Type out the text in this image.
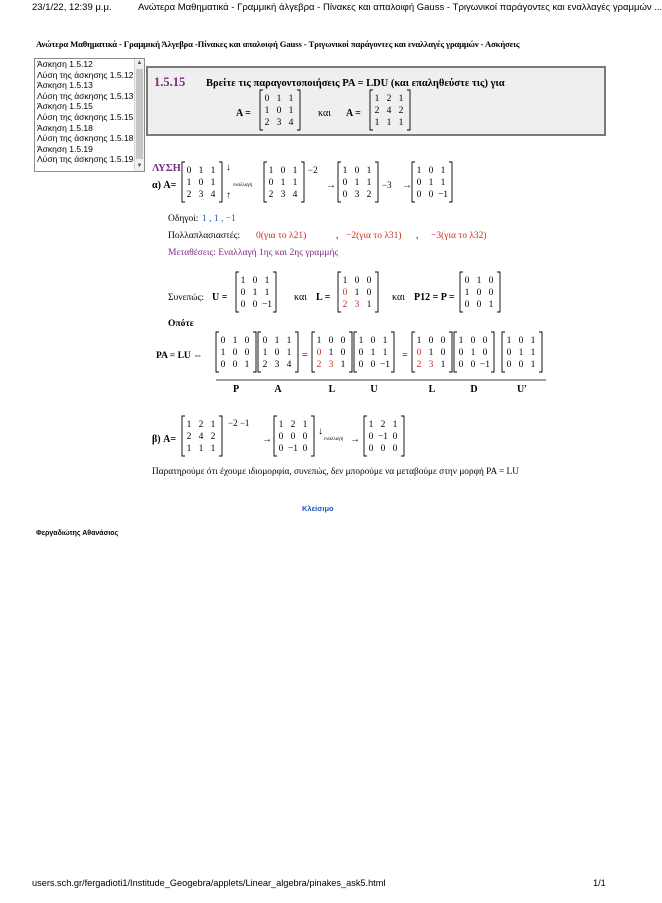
23/1/22, 12:39 μ.μ.	Ανώτερα Μαθηματικά - Γραμμική άλγεβρα - Πίνακες και απαλοιφή Gauss - Τριγωνικοί παράγοντες και εναλλαγές γραμμών ...
Ανώτερα Μαθηματικά - Γραμμική Άλγεβρα -Πίνακες και απαλοιφή Gauss - Τριγωνικοί παράγοντες και εναλλαγές γραμμών - Ασκήσεις
Άσκηση 1.5.12
Λύση της άσκησης 1.5.12
Άσκηση 1.5.13
Λύση της άσκησης 1.5.13
Άσκηση 1.5.15
Λύση της άσκησης 1.5.15
Άσκηση 1.5.18
Λύση της άσκησης 1.5.18
Άσκηση 1.5.19
Λύση της άσκησης 1.5.19
▲
▼
1.5.15 Βρείτε τις παραγοντοποιήσεις PA = LDU (και επαληθεύστε τις) για
A =
0 1 1
1 0 1
2 3 4
και A =
1 2 1
2 4 2
1 1 1
ΛΥΣΗ
α) A=
0 1 1
1 0 1
2 3 4
↓
↑
εναλλαγή
1 0 1
0 1 1
2 3 4
−2
→
1 0 1
0 1 1
0 3 2
−3 →
1 0 1
0 1 1
0 0 −1
Οδηγοί: 1 , 1 , −1
Πολλαπλασιαστές: 0(για το λ21)	, −2(για το λ31) , −3(για το λ32)
Μεταθέσεις: Εναλλαγή 1ης και 2ης γραμμής
Συνεπώς: U =
1 0 1
0 1 1
0 0 −1
και L =
1 0 0
0 1 0
2 3 1
και P12 = P =
0 1 0
1 0 0
0 0 1
Οπότε
PA = LU ⇔
0 1 0
1 0 0
0 0 1
0 1 1
1 0 1
2 3 4
=
1 0 0
0 1 0
2 3 1
1 0 1
0 1 1
0 0 −1
=
1 0 0
0 1 0
2 3 1
1 0 0
0 1 0
0 0 −1
1 0 1
0 1 1
0 0 1
P	A	L	U	L	D	U′
β) A=
1 2 1
2 4 2
1 1 1
−2 −1
→
1 2 1
0 0 0
0 −1 0
↓
εναλλαγή →
1 2 1
0 −1 0
0 0 0
Παρατηρούμε ότι έχουμε ιδιομορφία, συνεπώς, δεν μπορούμε να μεταβούμε στην μορφή PA = LU
Κλείσιμο
Φεργαδιώτης Αθανάσιος
users.sch.gr/fergadioti1/Institude_Geogebra/applets/Linear_algebra/pinakes_ask5.html	1/1
